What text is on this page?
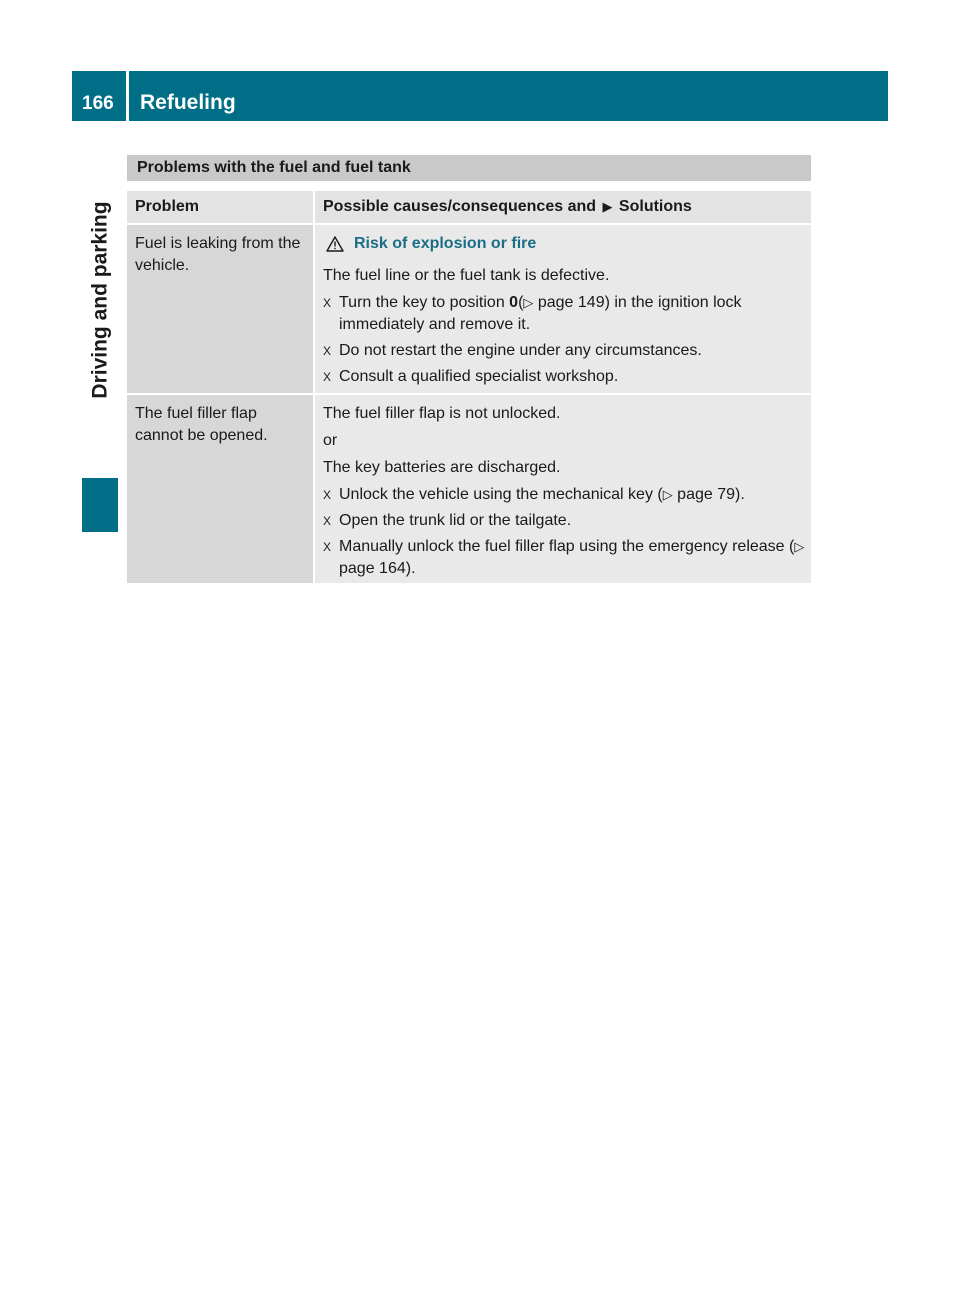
166	Refueling
Driving and parking
Problems with the fuel and fuel tank
Problem	Possible causes/consequences and ▶ Solutions
Fuel is leaking from the vehicle.
Risk of explosion or fire

The fuel line or the fuel tank is defective.

X Turn the key to position 0(▷ page 149) in the ignition lock immediately and remove it.
X Do not restart the engine under any circumstances.
X Consult a qualified specialist workshop.
The fuel filler flap cannot be opened.

The fuel filler flap is not unlocked.

or

The key batteries are discharged.

X Unlock the vehicle using the mechanical key (▷ page 79).
X Open the trunk lid or the tailgate.
X Manually unlock the fuel filler flap using the emergency release (▷ page 164).
